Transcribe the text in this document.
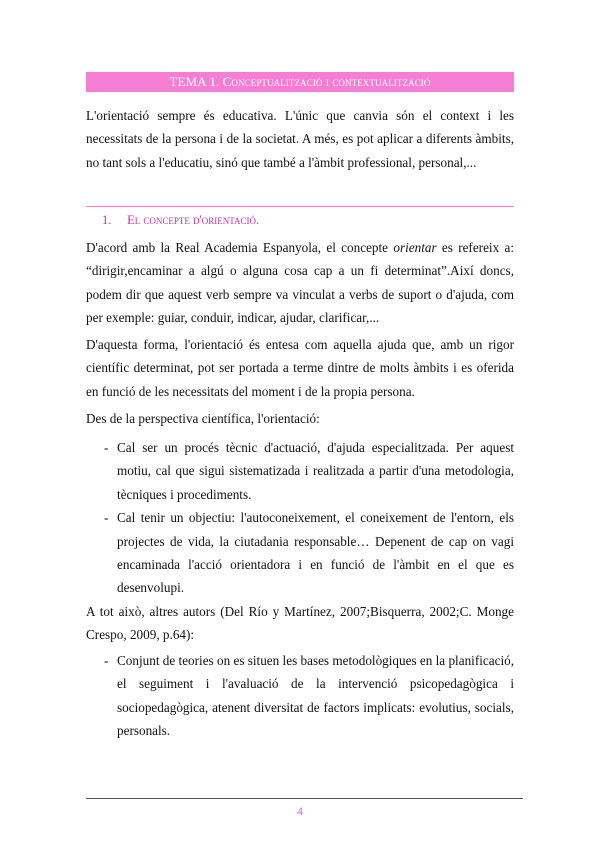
TEMA 1. Conceptualització i contextualització

L'orientació sempre és educativa. L'únic que canvia són el context i les necessitats de la persona i de la societat. A més, es pot aplicar a diferents àmbits, no tant sols a l'educatiu, sinó que també a l'àmbit professional, personal,...

1. El concepte d'orientació.

D'acord amb la Real Academia Espanyola, el concepte orientar es refereix a: “dirigir,encaminar a algú o alguna cosa cap a un fi determinat”.Així doncs, podem dir que aquest verb sempre va vinculat a verbs de suport o d'ajuda, com per exemple: guiar, conduir, indicar, ajudar, clarificar,...

D'aquesta forma, l'orientació és entesa com aquella ajuda que, amb un rigor científic determinat, pot ser portada a terme dintre de molts àmbits i es oferida en funció de les necessitats del moment i de la propia persona.

Des de la perspectiva científica, l'orientació:

- Cal ser un procés tècnic d'actuació, d'ajuda especialitzada. Per aquest motiu, cal que sigui sistematizada i realitzada a partir d'una metodologia, tècniques i procediments.
- Cal tenir un objectiu: l'autoconeixement, el coneixement de l'entorn, els projectes de vida, la ciutadania responsable… Depenent de cap on vagi encaminada l'acció orientadora i en funció de l'àmbit en el que es desenvolupi.

A tot això, altres autors (Del Río y Martínez, 2007;Bisquerra, 2002;C. Monge Crespo, 2009, p.64):

- Conjunt de teories on es situen les bases metodològiques en la planificació, el seguiment i l'avaluació de la intervenció psicopedagògica i sociopedagògica, atenent diversitat de factors implicats: evolutius, socials, personals.
4
